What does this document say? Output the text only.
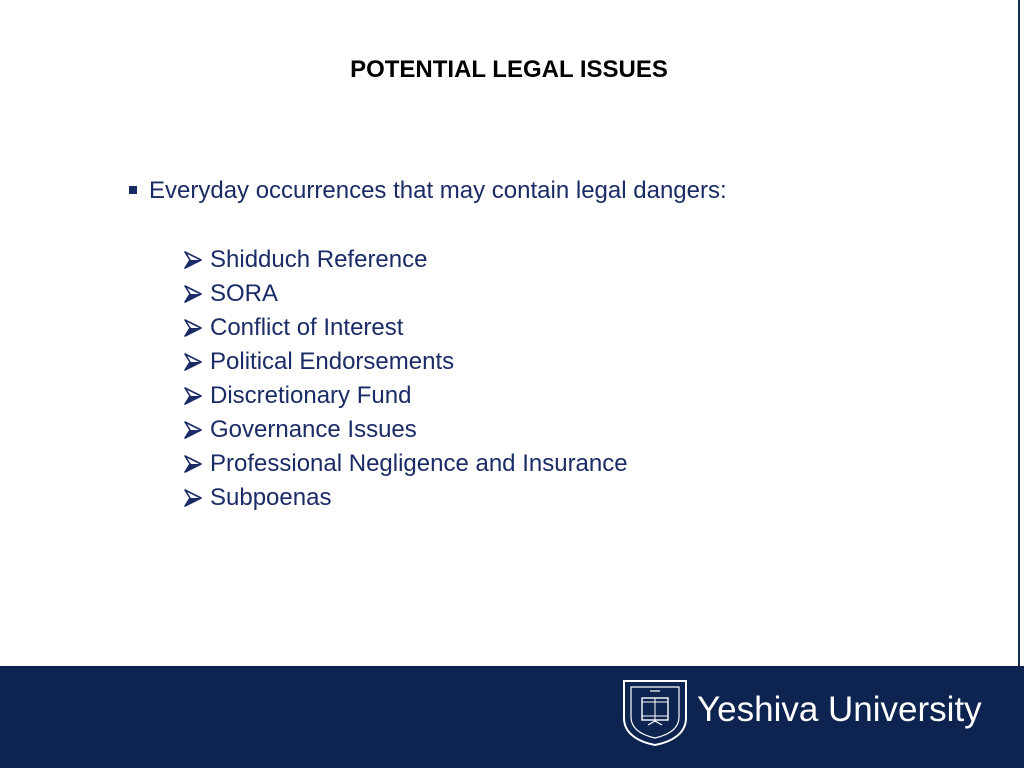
POTENTIAL LEGAL ISSUES
Everyday occurrences that may contain legal dangers:
Shidduch Reference
SORA
Conflict of Interest
Political Endorsements
Discretionary Fund
Governance Issues
Professional Negligence and Insurance
Subpoenas
Yeshiva University
